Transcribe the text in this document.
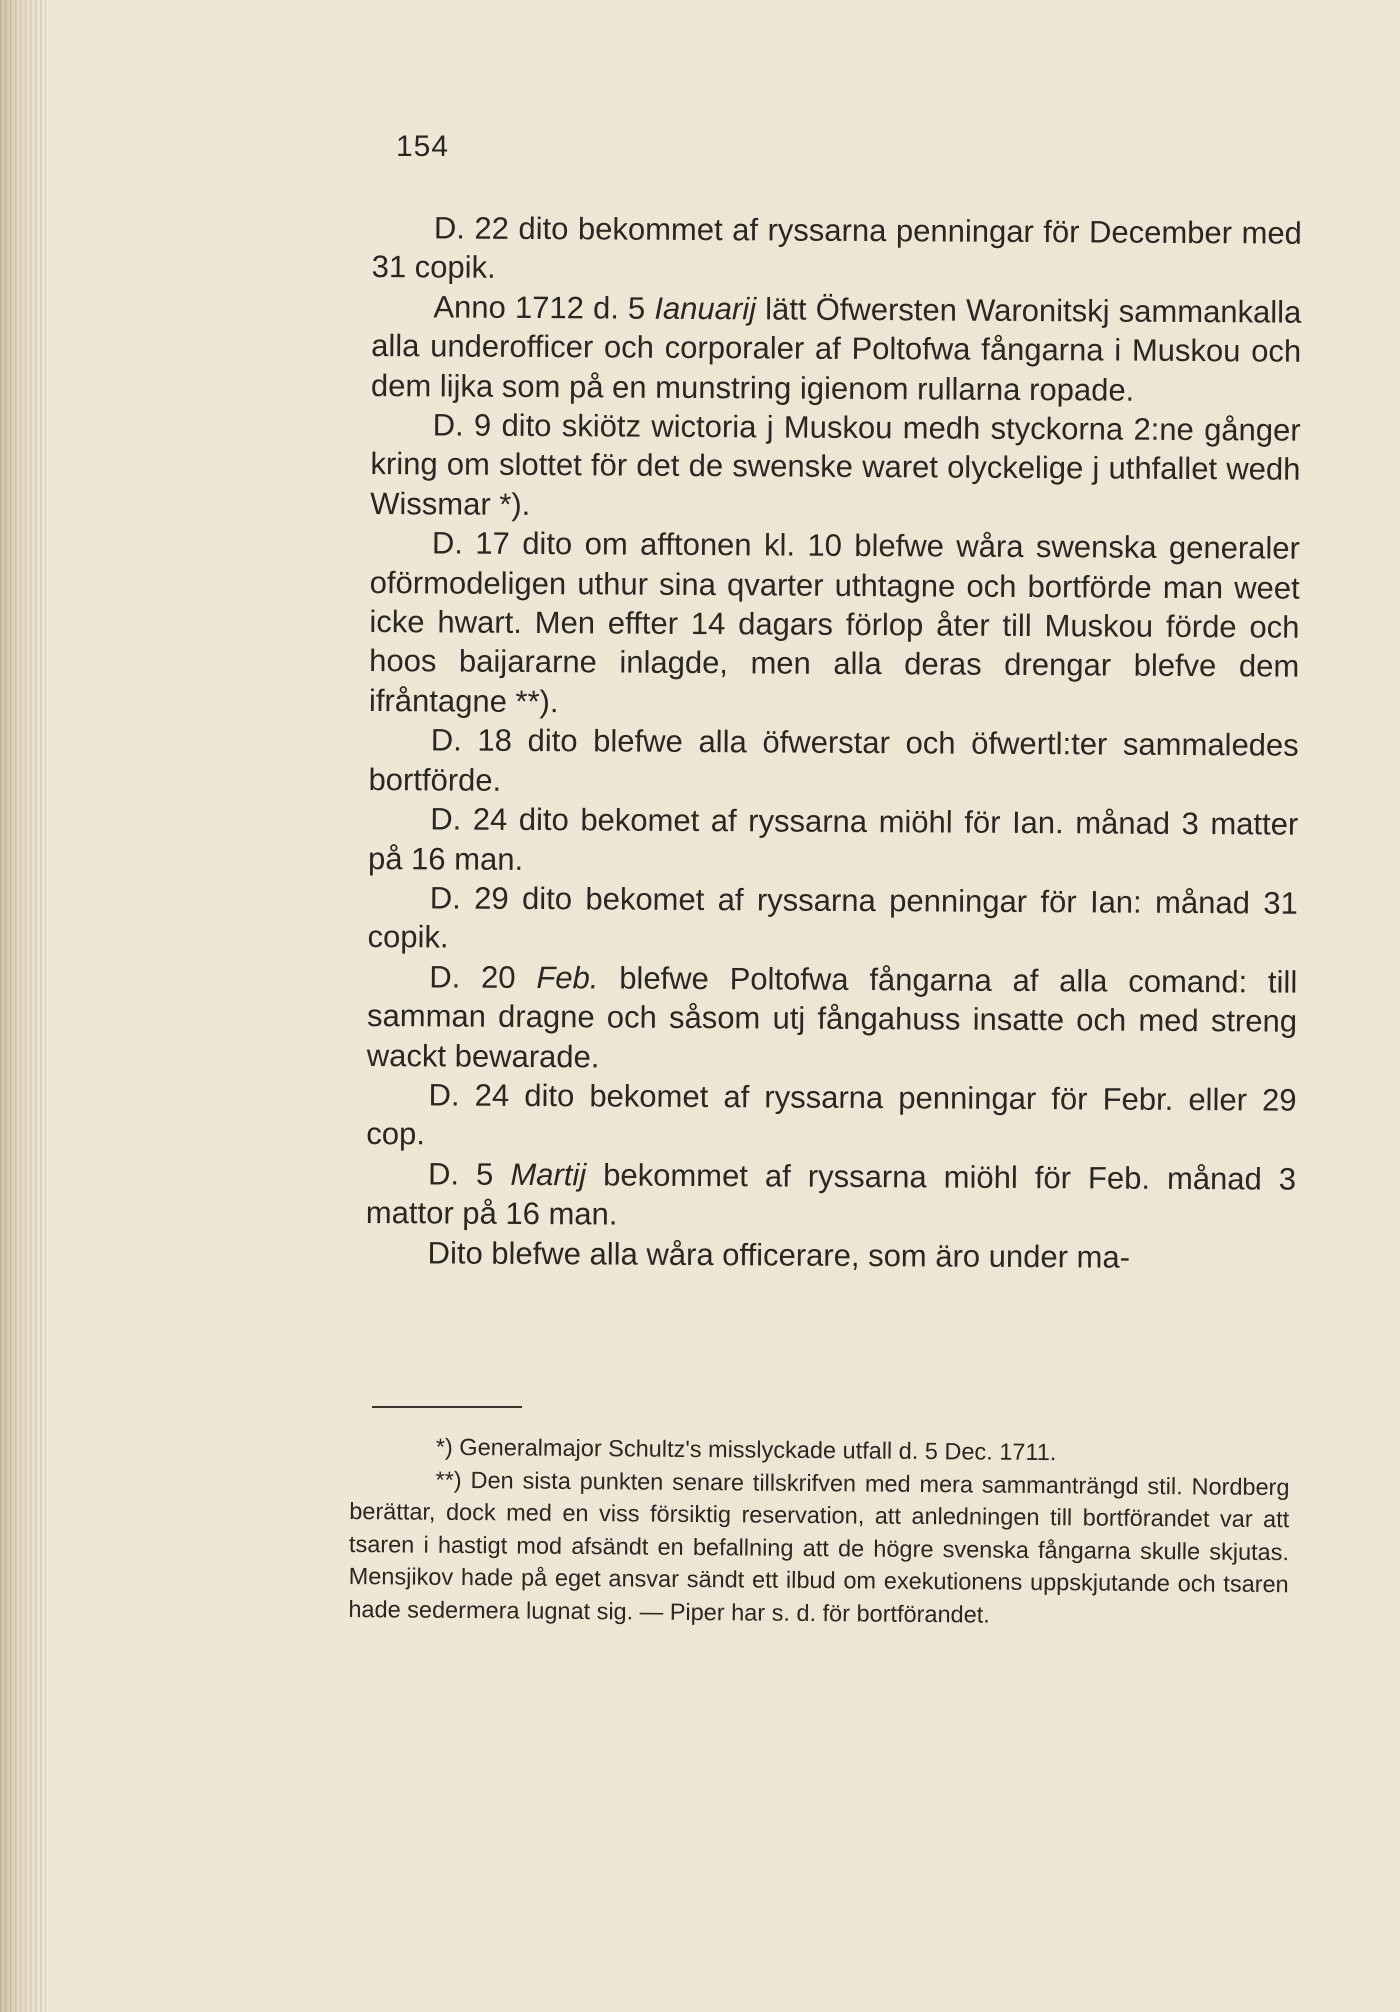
154

D. 22 dito bekommet af ryssarna penningar för December med 31 copik.

Anno 1712 d. 5 Ianuarij lätt Öfwersten Waronitskj sammankalla alla underofficer och corporaler af Poltofwa fångarna i Muskou och dem lijka som på en munstring igienom rullarna ropade.

D. 9 dito skiötz wictoria j Muskou medh styckorna 2:ne gånger kring om slottet för det de swenske waret olyckelige j uthfallet wedh Wissmar *).

D. 17 dito om afftonen kl. 10 blefwe wåra swenska generaler oförmodeligen uthur sina qvarter uthtagne och bortförde man weet icke hwart. Men effter 14 dagars förlop åter till Muskou förde och hoos baijararne inlagde, men alla deras drengar blefve dem ifråntagne **).

D. 18 dito blefwe alla öfwerstar och öfwertl:ter sammaledes bortförde.

D. 24 dito bekomet af ryssarna miöhl för Ian. månad 3 matter på 16 man.

D. 29 dito bekomet af ryssarna penningar för Ian: månad 31 copik.

D. 20 Feb. blefwe Poltofwa fångarna af alla comand: till samman dragne och såsom utj fångahuss insatte och med streng wackt bewarade.

D. 24 dito bekomet af ryssarna penningar för Febr. eller 29 cop.

D. 5 Martij bekommet af ryssarna miöhl för Feb. månad 3 mattor på 16 man.

Dito blefwe alla wåra officerare, som äro under ma-

*) Generalmajor Schultz's misslyckade utfall d. 5 Dec. 1711.

**) Den sista punkten senare tillskrifven med mera sammanträngd stil. Nordberg berättar, dock med en viss försiktig reservation, att anledningen till bortförandet var att tsaren i hastigt mod afsändt en befallning att de högre svenska fångarna skulle skjutas. Mensjikov hade på eget ansvar sändt ett ilbud om exekutionens uppskjutande och tsaren hade sedermera lugnat sig. — Piper har s. d. för bortförandet.
